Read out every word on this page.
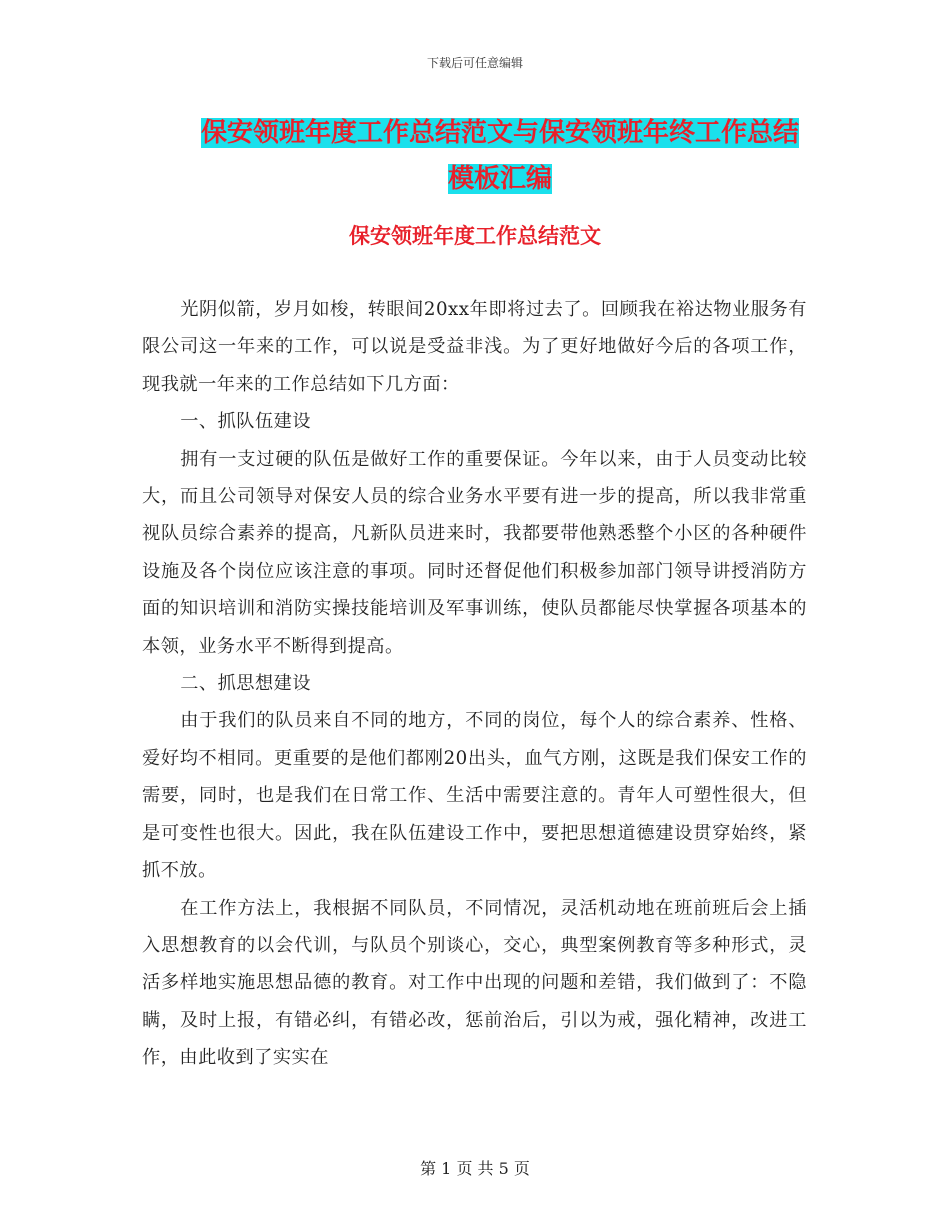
下载后可任意编辑
保安领班年度工作总结范文与保安领班年终工作总结
模板汇编
保安领班年度工作总结范文

光阴似箭，岁月如梭，转眼间20xx年即将过去了。回顾我在裕达物业服务有限公司这一年来的工作，可以说是受益非浅。为了更好地做好今后的各项工作，现我就一年来的工作总结如下几方面：

一、抓队伍建设

拥有一支过硬的队伍是做好工作的重要保证。今年以来，由于人员变动比较大，而且公司领导对保安人员的综合业务水平要有进一步的提高，所以我非常重视队员综合素养的提高，凡新队员进来时，我都要带他熟悉整个小区的各种硬件设施及各个岗位应该注意的事项。同时还督促他们积极参加部门领导讲授消防方面的知识培训和消防实操技能培训及军事训练，使队员都能尽快掌握各项基本的本领，业务水平不断得到提高。

二、抓思想建设

由于我们的队员来自不同的地方，不同的岗位，每个人的综合素养、性格、爱好均不相同。更重要的是他们都刚20出头，血气方刚，这既是我们保安工作的需要，同时，也是我们在日常工作、生活中需要注意的。青年人可塑性很大，但是可变性也很大。因此，我在队伍建设工作中，要把思想道德建设贯穿始终，紧抓不放。

在工作方法上，我根据不同队员，不同情况，灵活机动地在班前班后会上插入思想教育的以会代训，与队员个别谈心，交心，典型案例教育等多种形式，灵活多样地实施思想品德的教育。对工作中出现的问题和差错，我们做到了：不隐瞒，及时上报，有错必纠，有错必改，惩前治后，引以为戒，强化精神，改进工作，由此收到了实实在

第 1 页 共 5 页
